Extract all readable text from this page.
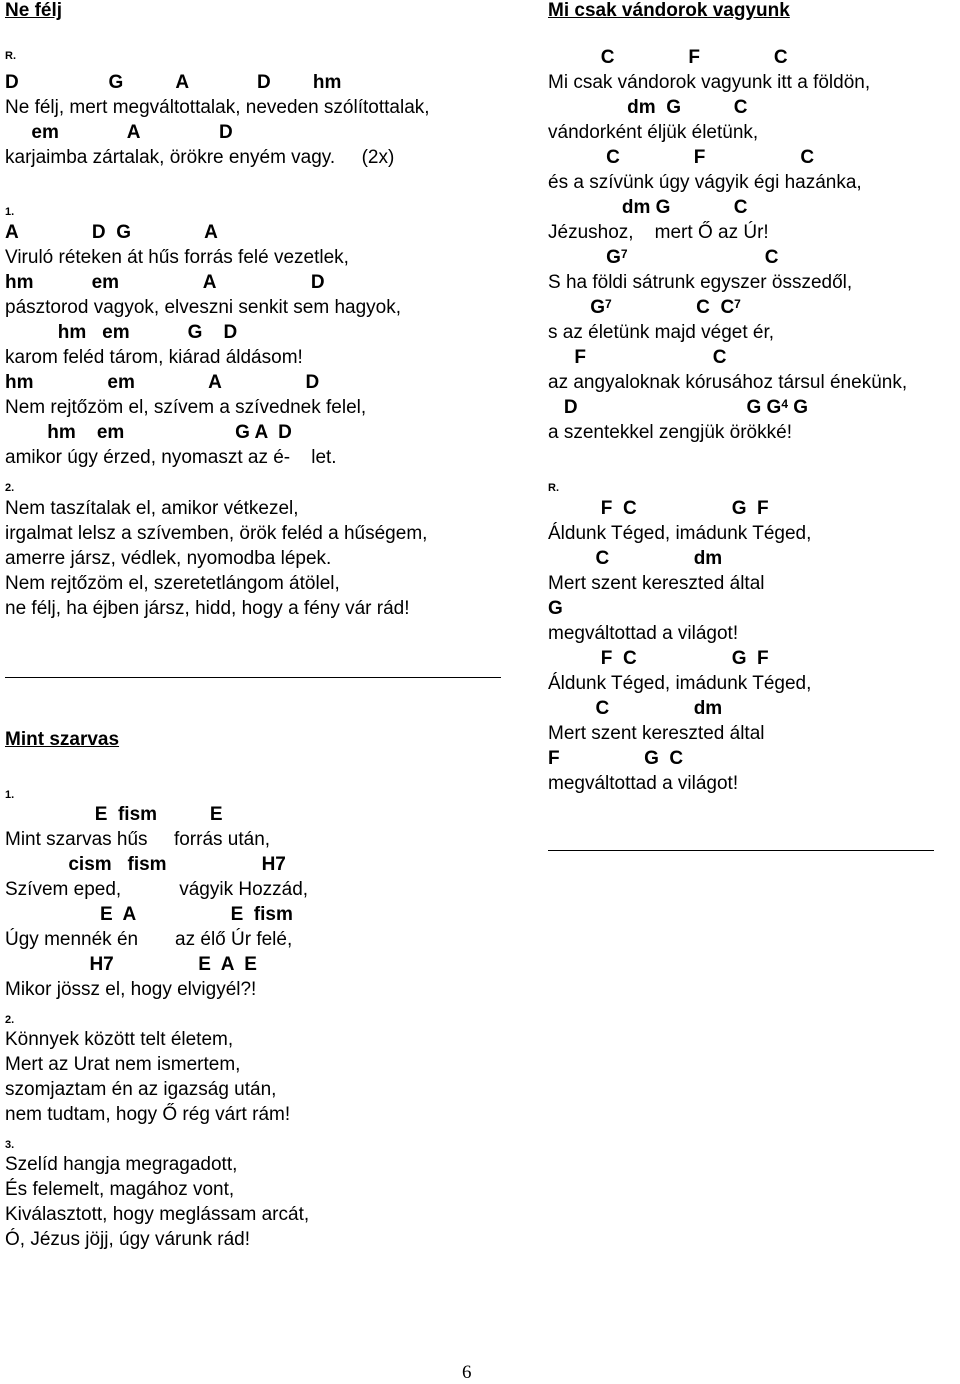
Ne félj
R.
D                 G          A             D        hm
Ne félj, mert megváltottalak, neveden szólítottalak,
em             A               D
karjaimba zártalak, örökre enyém vagy.     (2x)
1.
A              D  G              A
Viruló réteken át hűs forrás felé vezetlek,
hm           em                A                  D
pásztorod vagyok, elveszni senkit sem hagyok,
hm   em           G    D
karom feléd tárom, kiárad áldásom!
hm              em              A                D
Nem rejtőzöm el, szívem a szívednek felel,
hm    em                     G A  D
amikor úgy érzed, nyomaszt az é-    let.
2.
Nem taszítalak el, amikor vétkezel,
irgalmat lelsz a szívemben, örök feléd a hűségem,
amerre jársz, védlek, nyomodba lépek.
Nem rejtőzöm el, szeretetlángom átölel,
ne félj, ha éjben jársz, hidd, hogy a fény vár rád!
Mint szarvas
1.
E  fism          E
Mint szarvas hűs     forrás után,
cism   fism                  H7
Szívem eped,           vágyik Hozzád,
E  A                  E  fism
Úgy mennék én       az élő Úr felé,
H7                E  A  E
Mikor jössz el, hogy elvigyél?!
2.
Könnyek között telt életem,
Mert az Urat nem ismertem,
szomjaztam én az igazság után,
nem tudtam, hogy Ő rég várt rám!
3.
Szelíd hangja megragadott,
És felemelt, magához vont,
Kiválasztott, hogy meglássam arcát,
Ó, Jézus jöjj, úgy várunk rád!
Mi csak vándorok vagyunk
C              F              C
Mi csak vándorok vagyunk itt a földön,
dm  G          C
vándorként éljük életünk,
C              F                  C
és a szívünk úgy vágyik égi hazánka,
dm G            C
Jézushoz,    mert Ő az Úr!
$G^7$                          C
S ha földi sátrunk egyszer összedől,
$G^7$                C  $C^7$
s az életünk majd véget ér,
F                        C
az angyaloknak kórusához társul énekünk,
D                                G $G^4$ G
a szentekkel zengjük örökké!
R.
F  C                  G  F
Áldunk Téged, imádunk Téged,
C                dm
Mert szent kereszted által
G
megváltottad a világot!
F  C                  G  F
Áldunk Téged, imádunk Téged,
C                dm
Mert szent kereszted által
F                G  C
megváltottad a világot!
6
